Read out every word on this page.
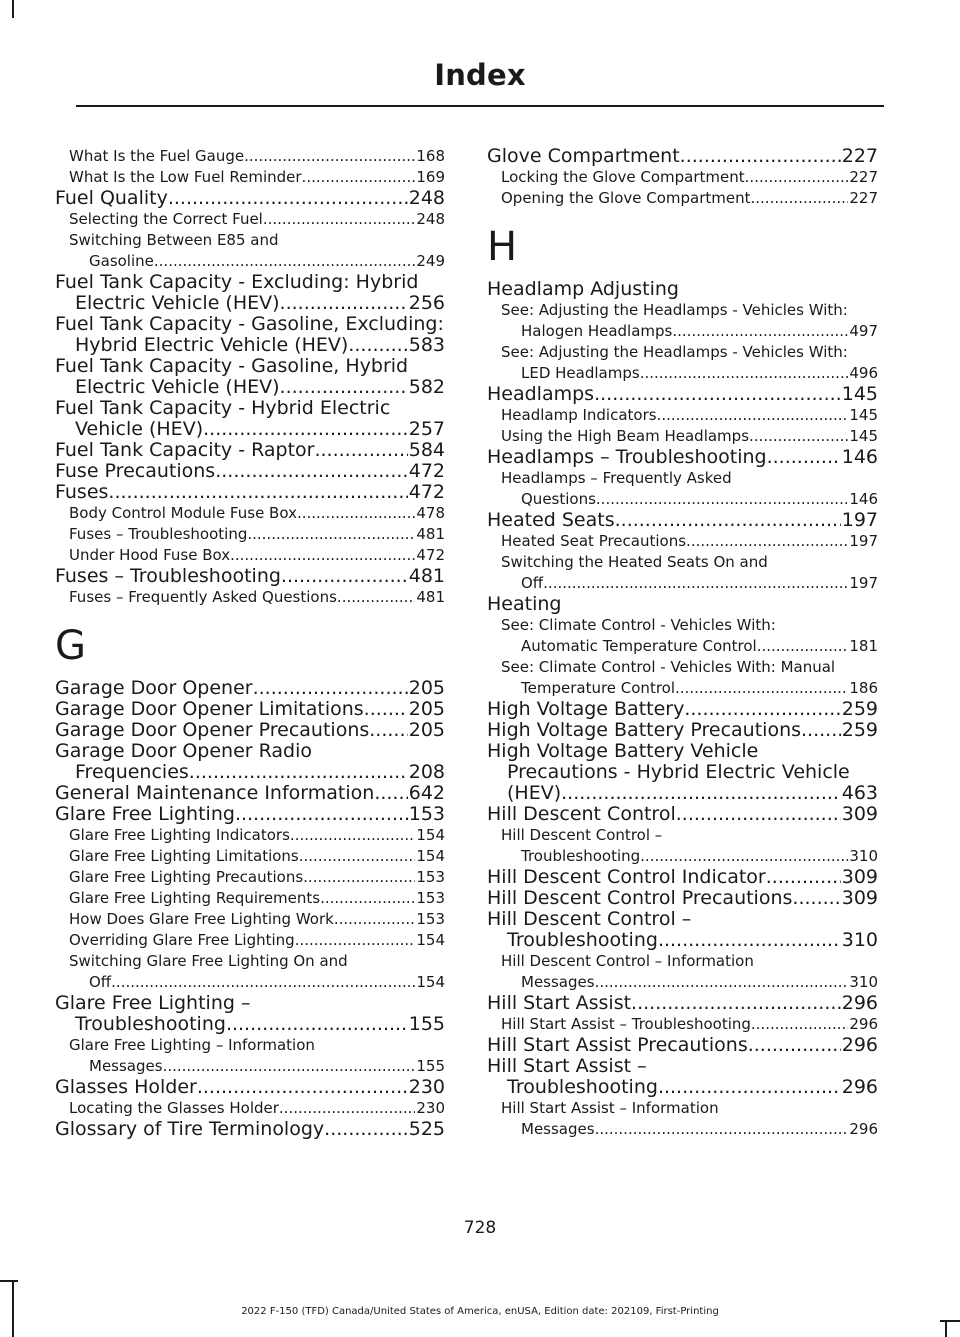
Index
What Is the Fuel Gauge .....	168
What Is the Low Fuel Reminder .....	169
Fuel Quality .....	248
Selecting the Correct Fuel .....	248
Switching Between E85 and
Gasoline .....	249
Fuel Tank Capacity - Excluding: Hybrid
Electric Vehicle (HEV) .....	256
Fuel Tank Capacity - Gasoline, Excluding:
Hybrid Electric Vehicle (HEV) .....	583
Fuel Tank Capacity - Gasoline, Hybrid
Electric Vehicle (HEV) .....	582
Fuel Tank Capacity - Hybrid Electric
Vehicle (HEV) .....	257
Fuel Tank Capacity - Raptor .....	584
Fuse Precautions .....	472
Fuses .....	472
Body Control Module Fuse Box .....	478
Fuses – Troubleshooting .....	481
Under Hood Fuse Box .....	472
Fuses – Troubleshooting .....	481
Fuses – Frequently Asked Questions .....	481
G
Garage Door Opener .....	205
Garage Door Opener Limitations ..... 205
Garage Door Opener Precautions ..... 205
Garage Door Opener Radio
Frequencies .....	208
General Maintenance Information ..... 642
Glare Free Lighting .....	153
Glare Free Lighting Indicators .....	154
Glare Free Lighting Limitations .....	154
Glare Free Lighting Precautions .....	153
Glare Free Lighting Requirements .....	153
How Does Glare Free Lighting Work .....	153
Overriding Glare Free Lighting .....	154
Switching Glare Free Lighting On and
Off .....	154
Glare Free Lighting –
Troubleshooting .....	155
Glare Free Lighting – Information
Messages .....	155
Glasses Holder .....	230
Locating the Glasses Holder .....	230
Glossary of Tire Terminology .....	525
Glove Compartment .....	227
Locking the Glove Compartment .....	227
Opening the Glove Compartment .....	227
H
Headlamp Adjusting
See: Adjusting the Headlamps - Vehicles With:
Halogen Headlamps .....	497
See: Adjusting the Headlamps - Vehicles With:
LED Headlamps .....	496
Headlamps .....	145
Headlamp Indicators .....	145
Using the High Beam Headlamps .....	145
Headlamps – Troubleshooting .....	146
Headlamps – Frequently Asked
Questions .....	146
Heated Seats .....	197
Heated Seat Precautions .....	197
Switching the Heated Seats On and
Off .....	197
Heating
See: Climate Control - Vehicles With:
Automatic Temperature Control .....	181
See: Climate Control - Vehicles With: Manual
Temperature Control .....	186
High Voltage Battery .....	259
High Voltage Battery Precautions ..... 259
High Voltage Battery Vehicle
Precautions - Hybrid Electric Vehicle
(HEV) .....	463
Hill Descent Control .....	309
Hill Descent Control –
Troubleshooting .....	310
Hill Descent Control Indicator .....	309
Hill Descent Control Precautions .....	309
Hill Descent Control –
Troubleshooting .....	310
Hill Descent Control – Information
Messages .....	310
Hill Start Assist .....	296
Hill Start Assist – Troubleshooting .....	296
Hill Start Assist Precautions .....	296
Hill Start Assist –
Troubleshooting .....	296
Hill Start Assist – Information
Messages .....	296
728
2022 F-150 (TFD) Canada/United States of America, enUSA, Edition date: 202109, First-Printing
